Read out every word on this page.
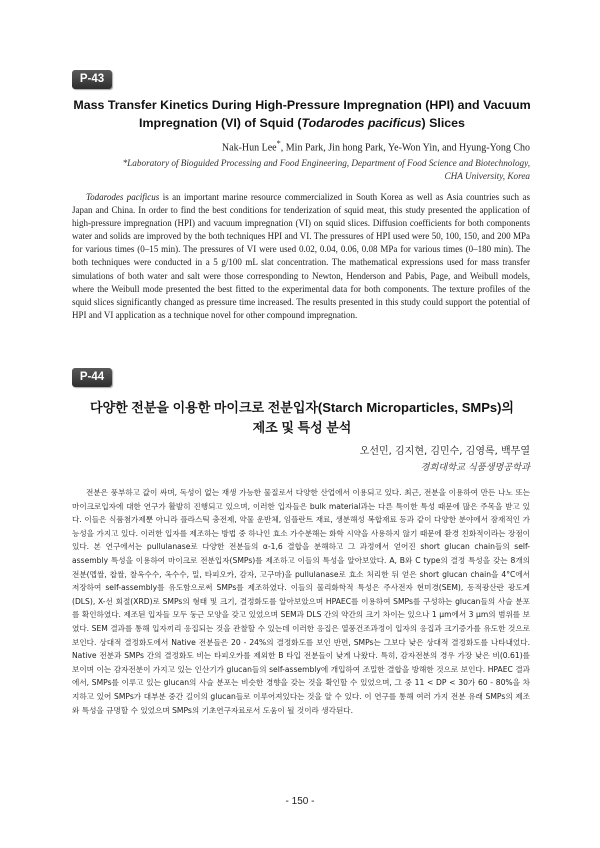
P-43
Mass Transfer Kinetics During High-Pressure Impregnation (HPI) and Vacuum Impregnation (VI) of Squid (Todarodes pacificus) Slices
Nak-Hun Lee*, Min Park, Jin hong Park, Ye-Won Yin, and Hyung-Yong Cho
*Laboratory of Bioguided Processing and Food Engineering, Department of Food Science and Biotechnology,
CHA University, Korea
Todarodes pacificus is an important marine resource commercialized in South Korea as well as Asia countries such as Japan and China. In order to find the best conditions for tenderization of squid meat, this study presented the application of high-pressure impregnation (HPI) and vacuum impregnation (VI) on squid slices. Diffusion coefficients for both components water and solids are improved by the both techniques HPI and VI. The pressures of HPI used were 50, 100, 150, and 200 MPa for various times (0–15 min). The pressures of VI were used 0.02, 0.04, 0.06, 0.08 MPa for various times (0–180 min). The both techniques were conducted in a 5 g/100 mL slat concentration. The mathematical expressions used for mass transfer simulations of both water and salt were those corresponding to Newton, Henderson and Pabis, Page, and Weibull models, where the Weibull mode presented the best fitted to the experimental data for both components. The texture profiles of the squid slices significantly changed as pressure time increased. The results presented in this study could support the potential of HPI and VI application as a technique novel for other compound impregnation.
P-44
다양한 전분을 이용한 마이크로 전분입자(Starch Microparticles, SMPs)의
제조 및 특성 분석
오선민, 김지현, 김민수, 김영록, 백무열
경희대학교 식품생명공학과
전분은 풍부하고 값이 싸며, 독성이 없는 재생 가능한 물질로서 다양한 산업에서 이용되고 있다. 최근, 전분을 이용하여 만든 나노 또는 마이크로입자에 대한 연구가 활발히 진행되고 있으며, 이러한 입자들은 bulk material과는 다른 특이한 특성 때문에 많은 주목을 받고 있다. 이들은 식품첨가제뿐 아니라 플라스틱 충전제, 약물 운반체, 임플란트 재료, 생분해성 복합재료 등과 같이 다양한 분야에서 잠재적인 가능성을 가지고 있다. 이러한 입자를 제조하는 방법 중 하나인 효소 가수분해는 화학 시약을 사용하지 않기 때문에 환경 친화적이라는 장점이 있다. 본 연구에서는 pullulanase로 다양한 전분들의 α-1,6 결합을 분해하고 그 과정에서 얻어진 short glucan chain들의 self-assembly 특성을 이용하여 마이크로 전분입자(SMPs)를 제조하고 이들의 특성을 알아보았다. A, B와 C type의 결정 특성을 갖는 8개의 전분(멥쌀, 찹쌀, 찰옥수수, 옥수수, 밀, 타피오카, 감자, 고구마)을 pullulanase로 효소 처리한 뒤 얻은 short glucan chain을 4°C에서 저장하여 self-assembly를 유도함으로써 SMPs를 제조하였다. 이들의 물리화학적 특성은 주사전자 현미경(SEM), 동적광산란 광도계(DLS), X-선 회절(XRD)로 SMPs의 형태 및 크기, 결정화도를 알아보았으며 HPAEC를 이용하여 SMPs를 구성하는 glucan들의 사슬 분포를 확인하였다. 제조된 입자들 모두 둥근 모양을 갖고 있었으며 SEM과 DLS 간의 약간의 크기 차이는 있으나 1 μm에서 3 μm의 범위를 보였다. SEM 결과를 통해 입자끼리 응집되는 것을 관찰할 수 있는데 이러한 응집은 열풍건조과정이 입자의 응집과 크기증가를 유도한 것으로 보인다. 상대적 결정화도에서 Native 전분들은 20 - 24%의 결정화도를 보인 반면, SMPs는 그보다 낮은 상대적 결정화도를 나타내었다. Native 전분과 SMPs 간의 결정화도 비는 타피오카를 제외한 B 타입 전분들이 낮게 나왔다. 특히, 감자전분의 경우 가장 낮은 비(0.61)를 보이며 이는 감자전분이 가지고 있는 인산기가 glucan들의 self-assembly에 개입하여 조밀한 결합을 방해한 것으로 보인다. HPAEC 결과에서, SMPs를 이루고 있는 glucan의 사슬 분포는 비슷한 경향을 갖는 것을 확인할 수 있었으며, 그 중 11 < DP < 30가 60 - 80%을 차지하고 있어 SMPs가 대부분 중간 길이의 glucan들로 이루어져있다는 것을 알 수 있다. 이 연구를 통해 여러 가지 전분 유래 SMPs의 제조와 특성을 규명할 수 있었으며 SMPs의 기초연구자료로서 도움이 될 것이라 생각된다.
- 150 -
